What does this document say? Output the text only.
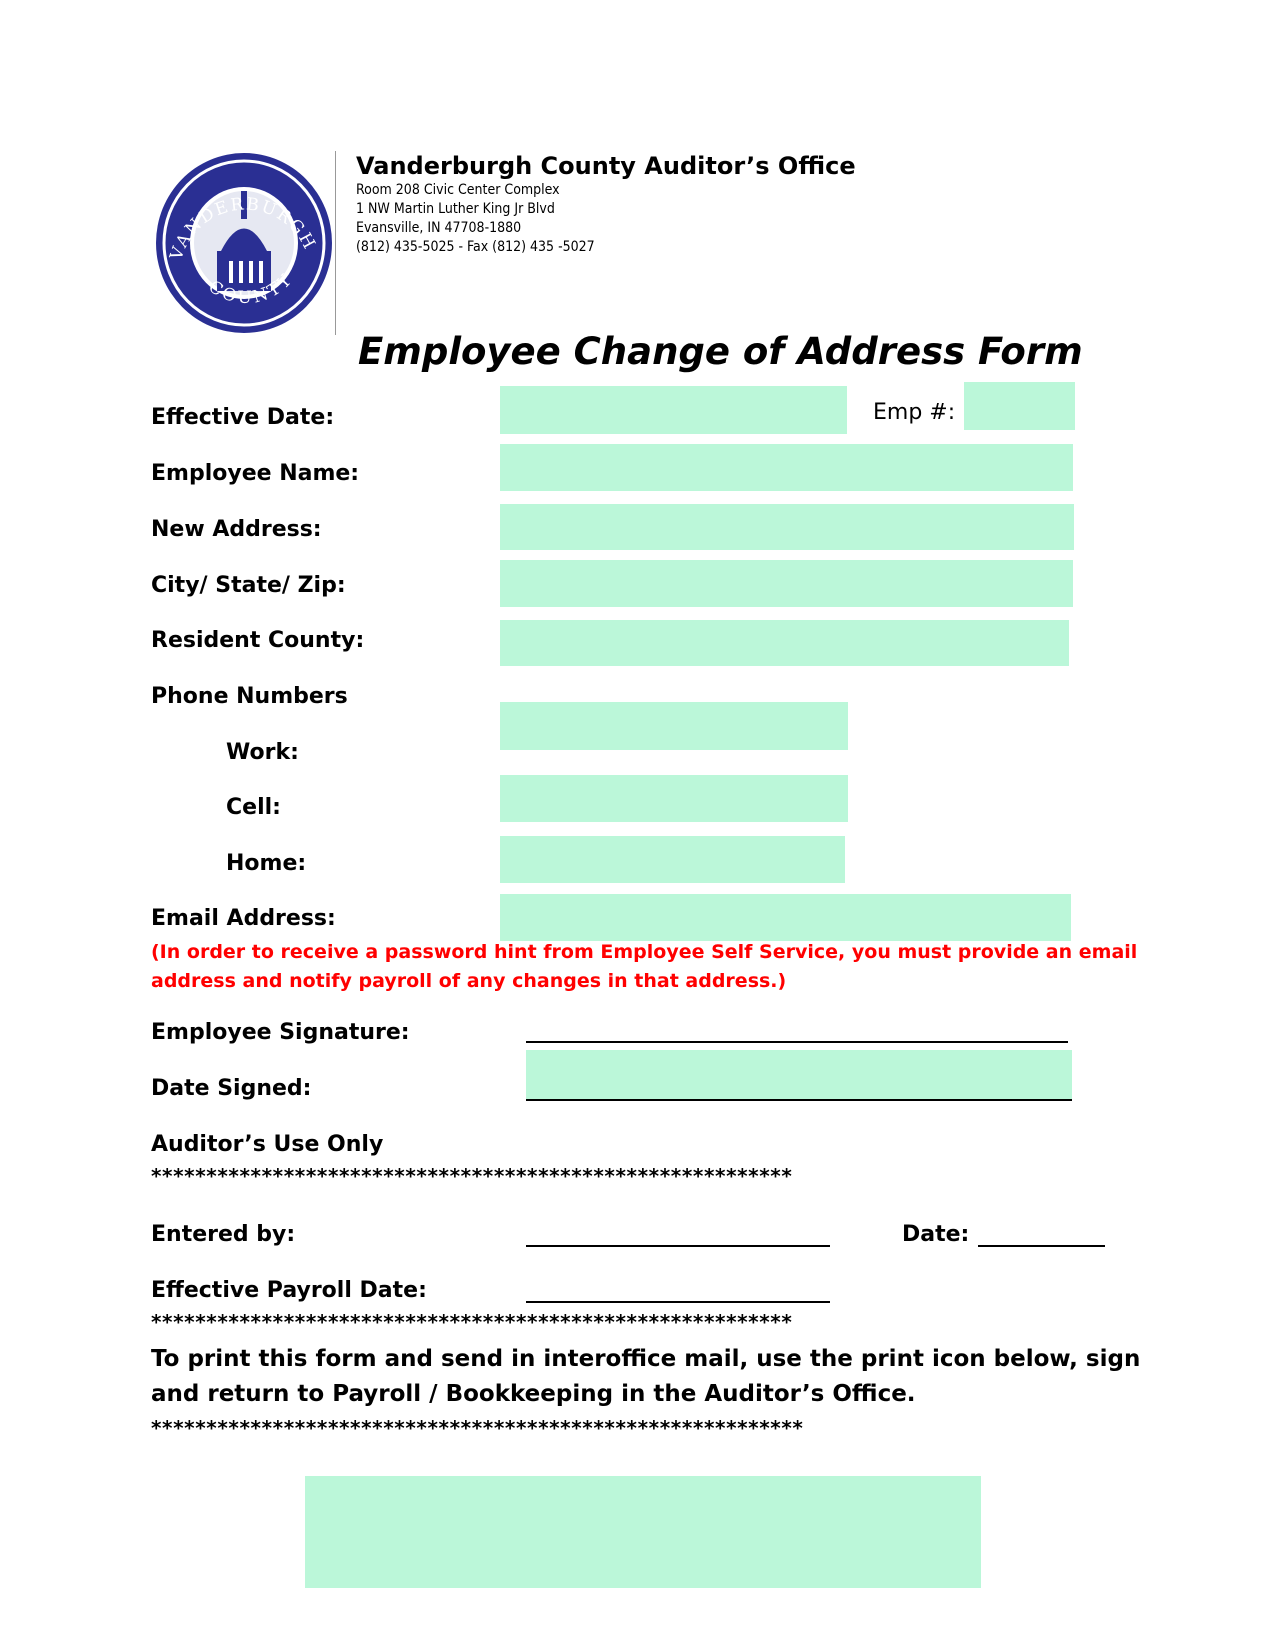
VANDERBURGH
COUNTY
Vanderburgh County Auditor’s Office
Room 208 Civic Center Complex
1 NW Martin Luther King Jr Blvd
Evansville, IN 47708-1880
(812) 435-5025 - Fax (812) 435 -5027
Employee Change of Address Form
Effective Date:	Emp #:
Employee Name:
New Address:
City/ State/ Zip:
Resident County:
Phone Numbers
Work:
Cell:
Home:
Email Address:
(In order to receive a password hint from Employee Self Service, you must provide an email
address and notify payroll of any changes in that address.)
Employee Signature:
Date Signed:
Auditor’s Use Only
**********************************************************
Entered by:	Date:
Effective Payroll Date:
**********************************************************
To print this form and send in interoffice mail, use the print icon below, sign
and return to Payroll / Bookkeeping in the Auditor’s Office.
***********************************************************
